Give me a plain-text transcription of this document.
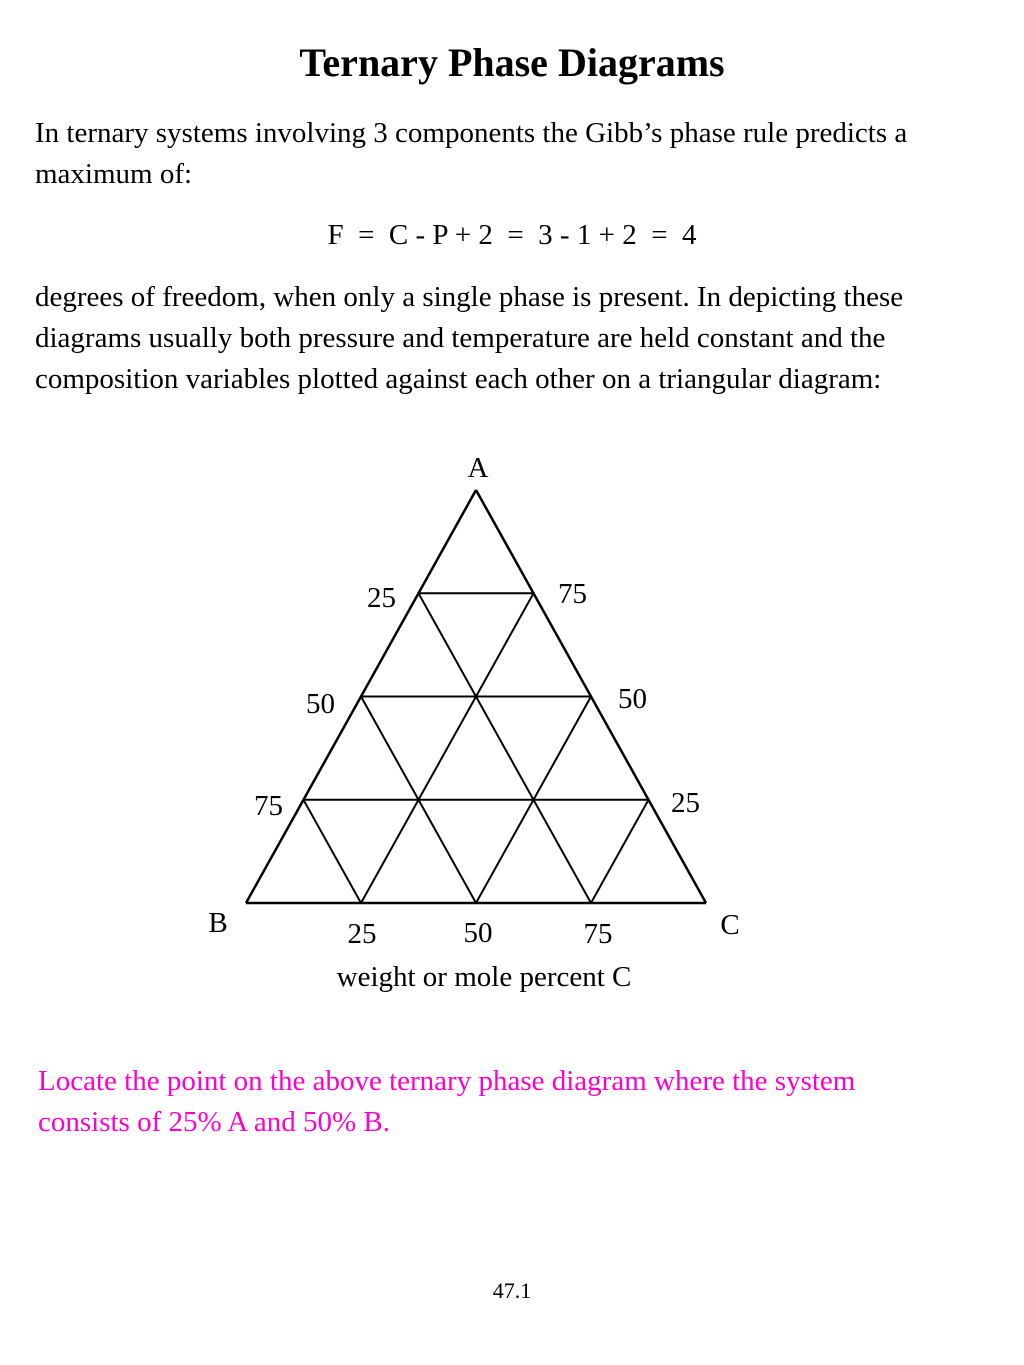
Ternary Phase Diagrams
In ternary systems involving 3 components the Gibb’s phase rule predicts a maximum of:
F  =  C - P + 2  =  3 - 1 + 2  =  4
degrees of freedom, when only a single phase is present. In depicting these diagrams usually both pressure and temperature are held constant and the composition variables plotted against each other on a triangular diagram:
A
B	C
25
50
75
75
50
25
25	50	75
weight or mole percent C
Locate the point on the above ternary phase diagram where the system consists of 25% A and 50% B.
47.1
